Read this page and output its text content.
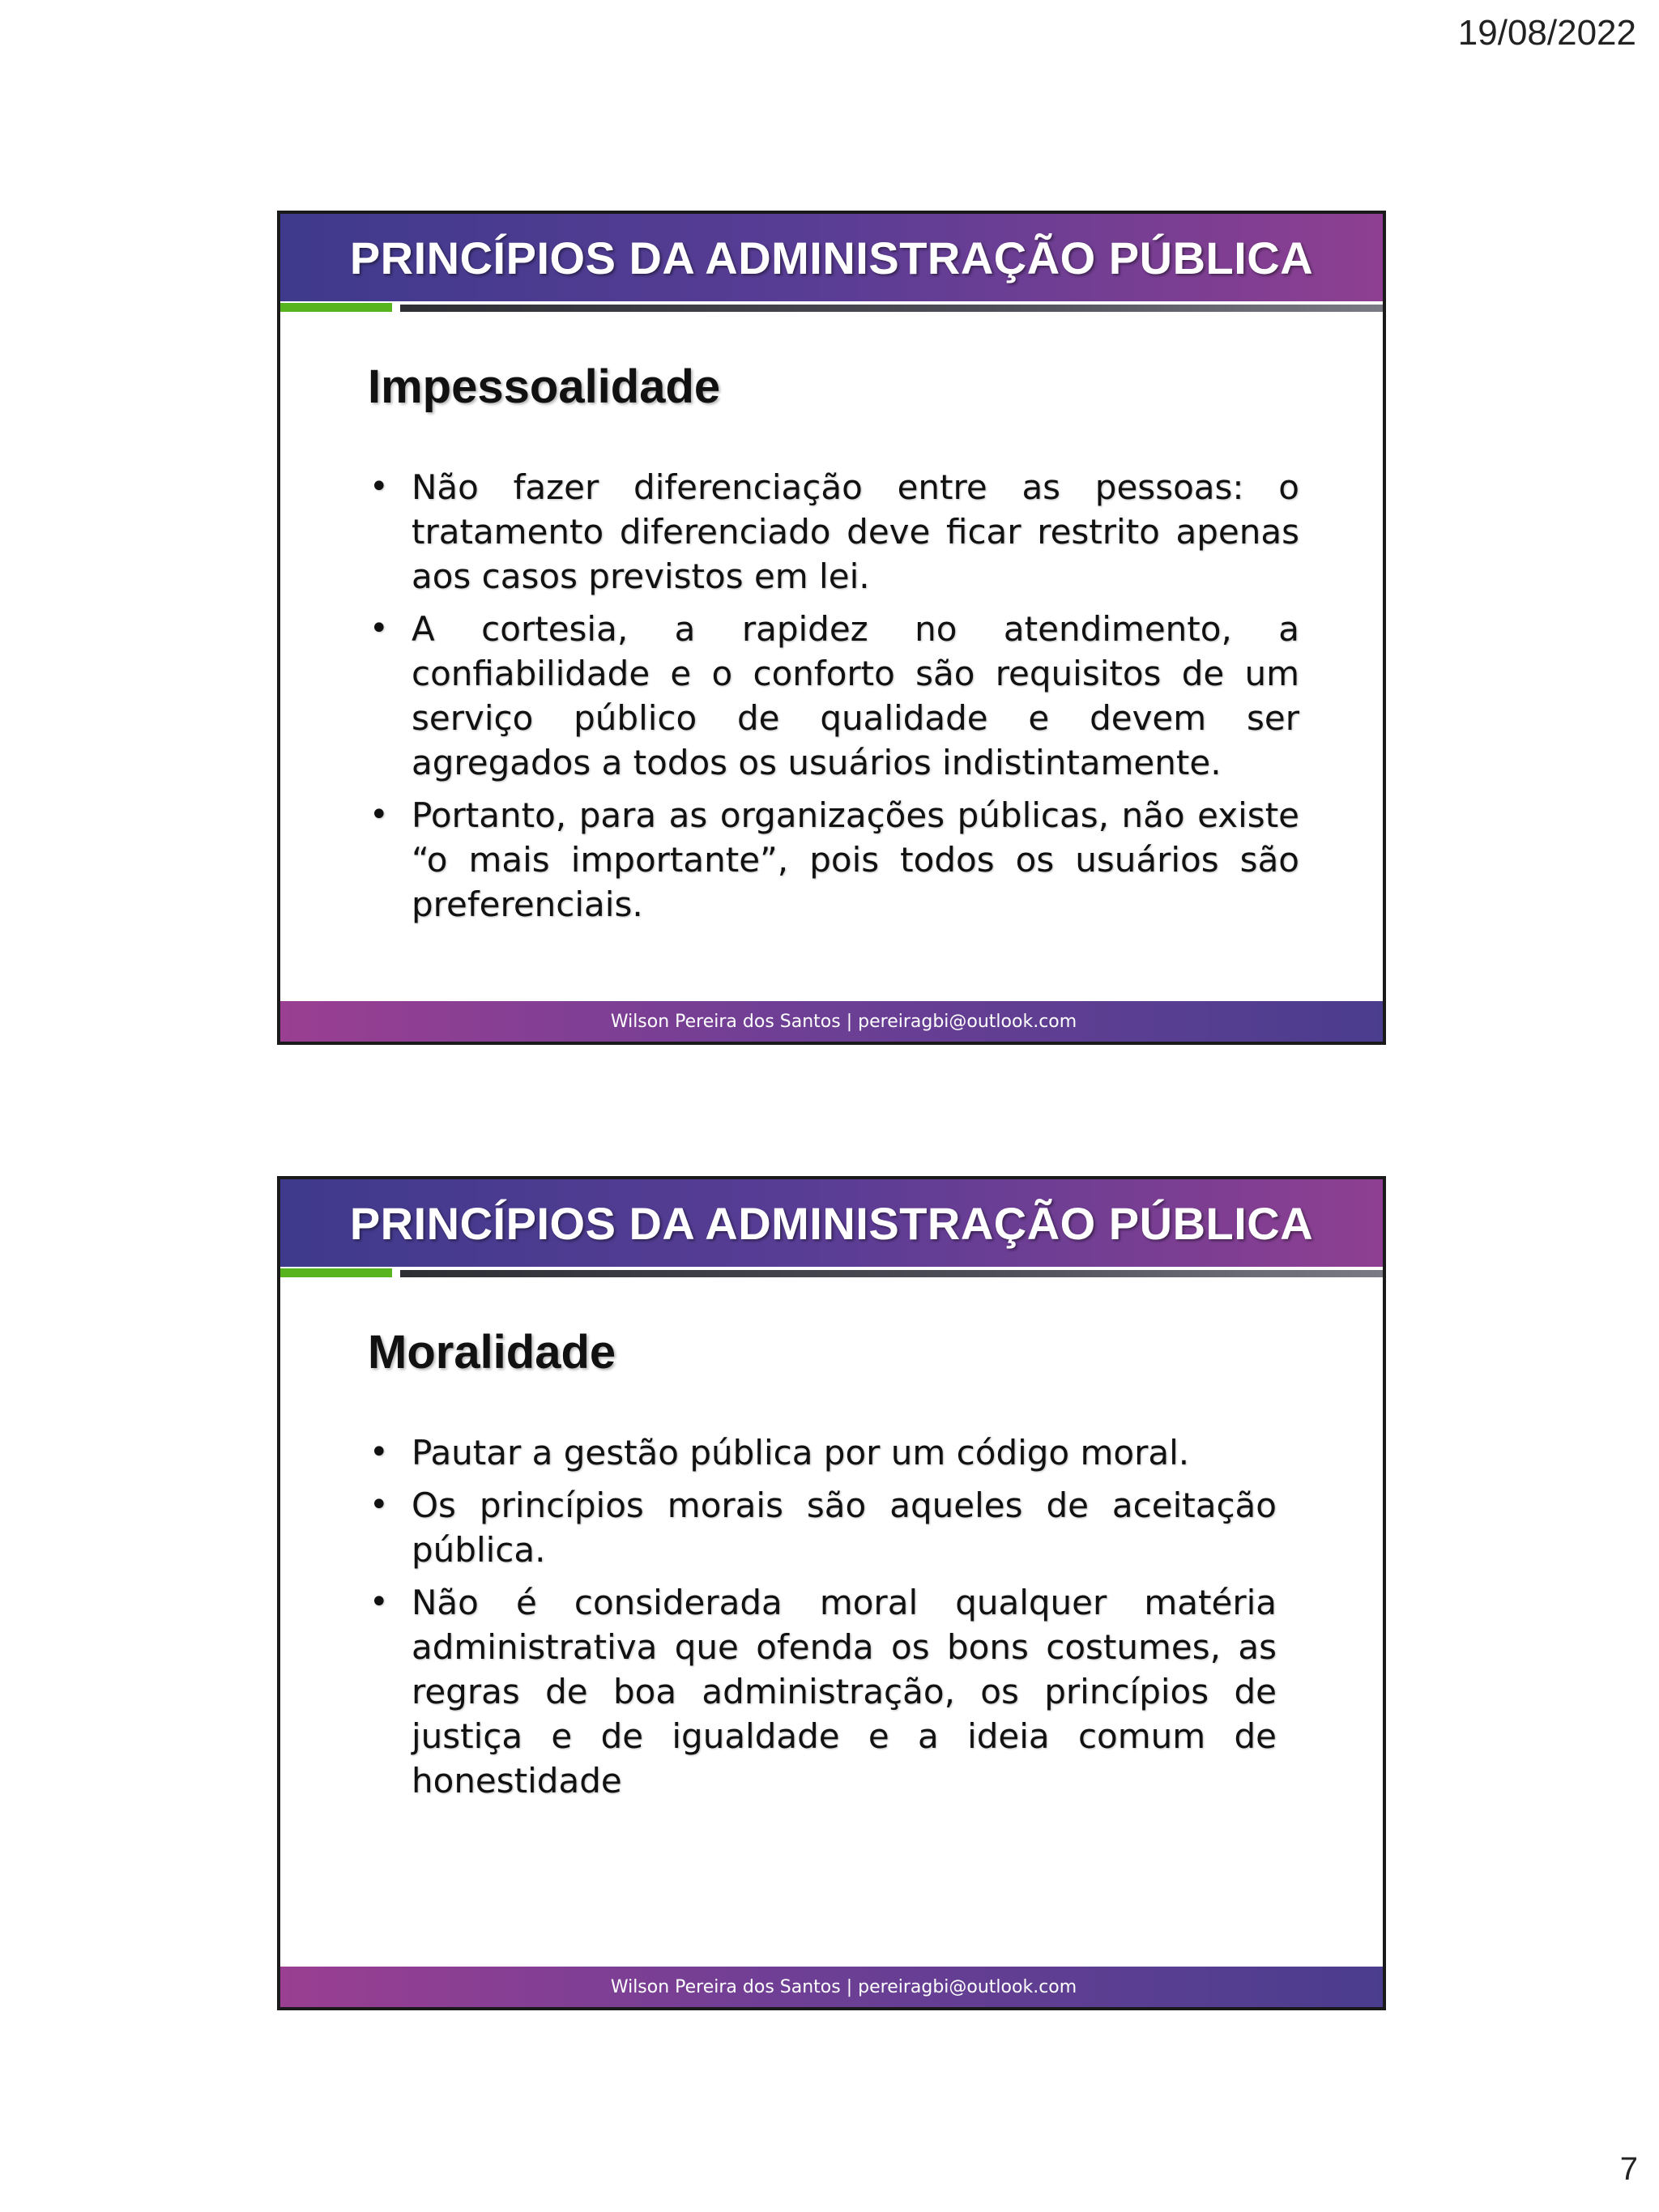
19/08/2022
PRINCÍPIOS DA ADMINISTRAÇÃO PÚBLICA
Impessoalidade
• Não fazer diferenciação entre as pessoas: o tratamento diferenciado deve ficar restrito apenas aos casos previstos em lei.
• A cortesia, a rapidez no atendimento, a confiabilidade e o conforto são requisitos de um serviço público de qualidade e devem ser agregados a todos os usuários indistintamente.
• Portanto, para as organizações públicas, não existe “o mais importante”, pois todos os usuários são preferenciais.
Wilson Pereira dos Santos | pereiragbi@outlook.com
PRINCÍPIOS DA ADMINISTRAÇÃO PÚBLICA
Moralidade
• Pautar a gestão pública por um código moral.
• Os princípios morais são aqueles de aceitação pública.
• Não é considerada moral qualquer matéria administrativa que ofenda os bons costumes, as regras de boa administração, os princípios de justiça e de igualdade e a ideia comum de honestidade
Wilson Pereira dos Santos | pereiragbi@outlook.com
7
